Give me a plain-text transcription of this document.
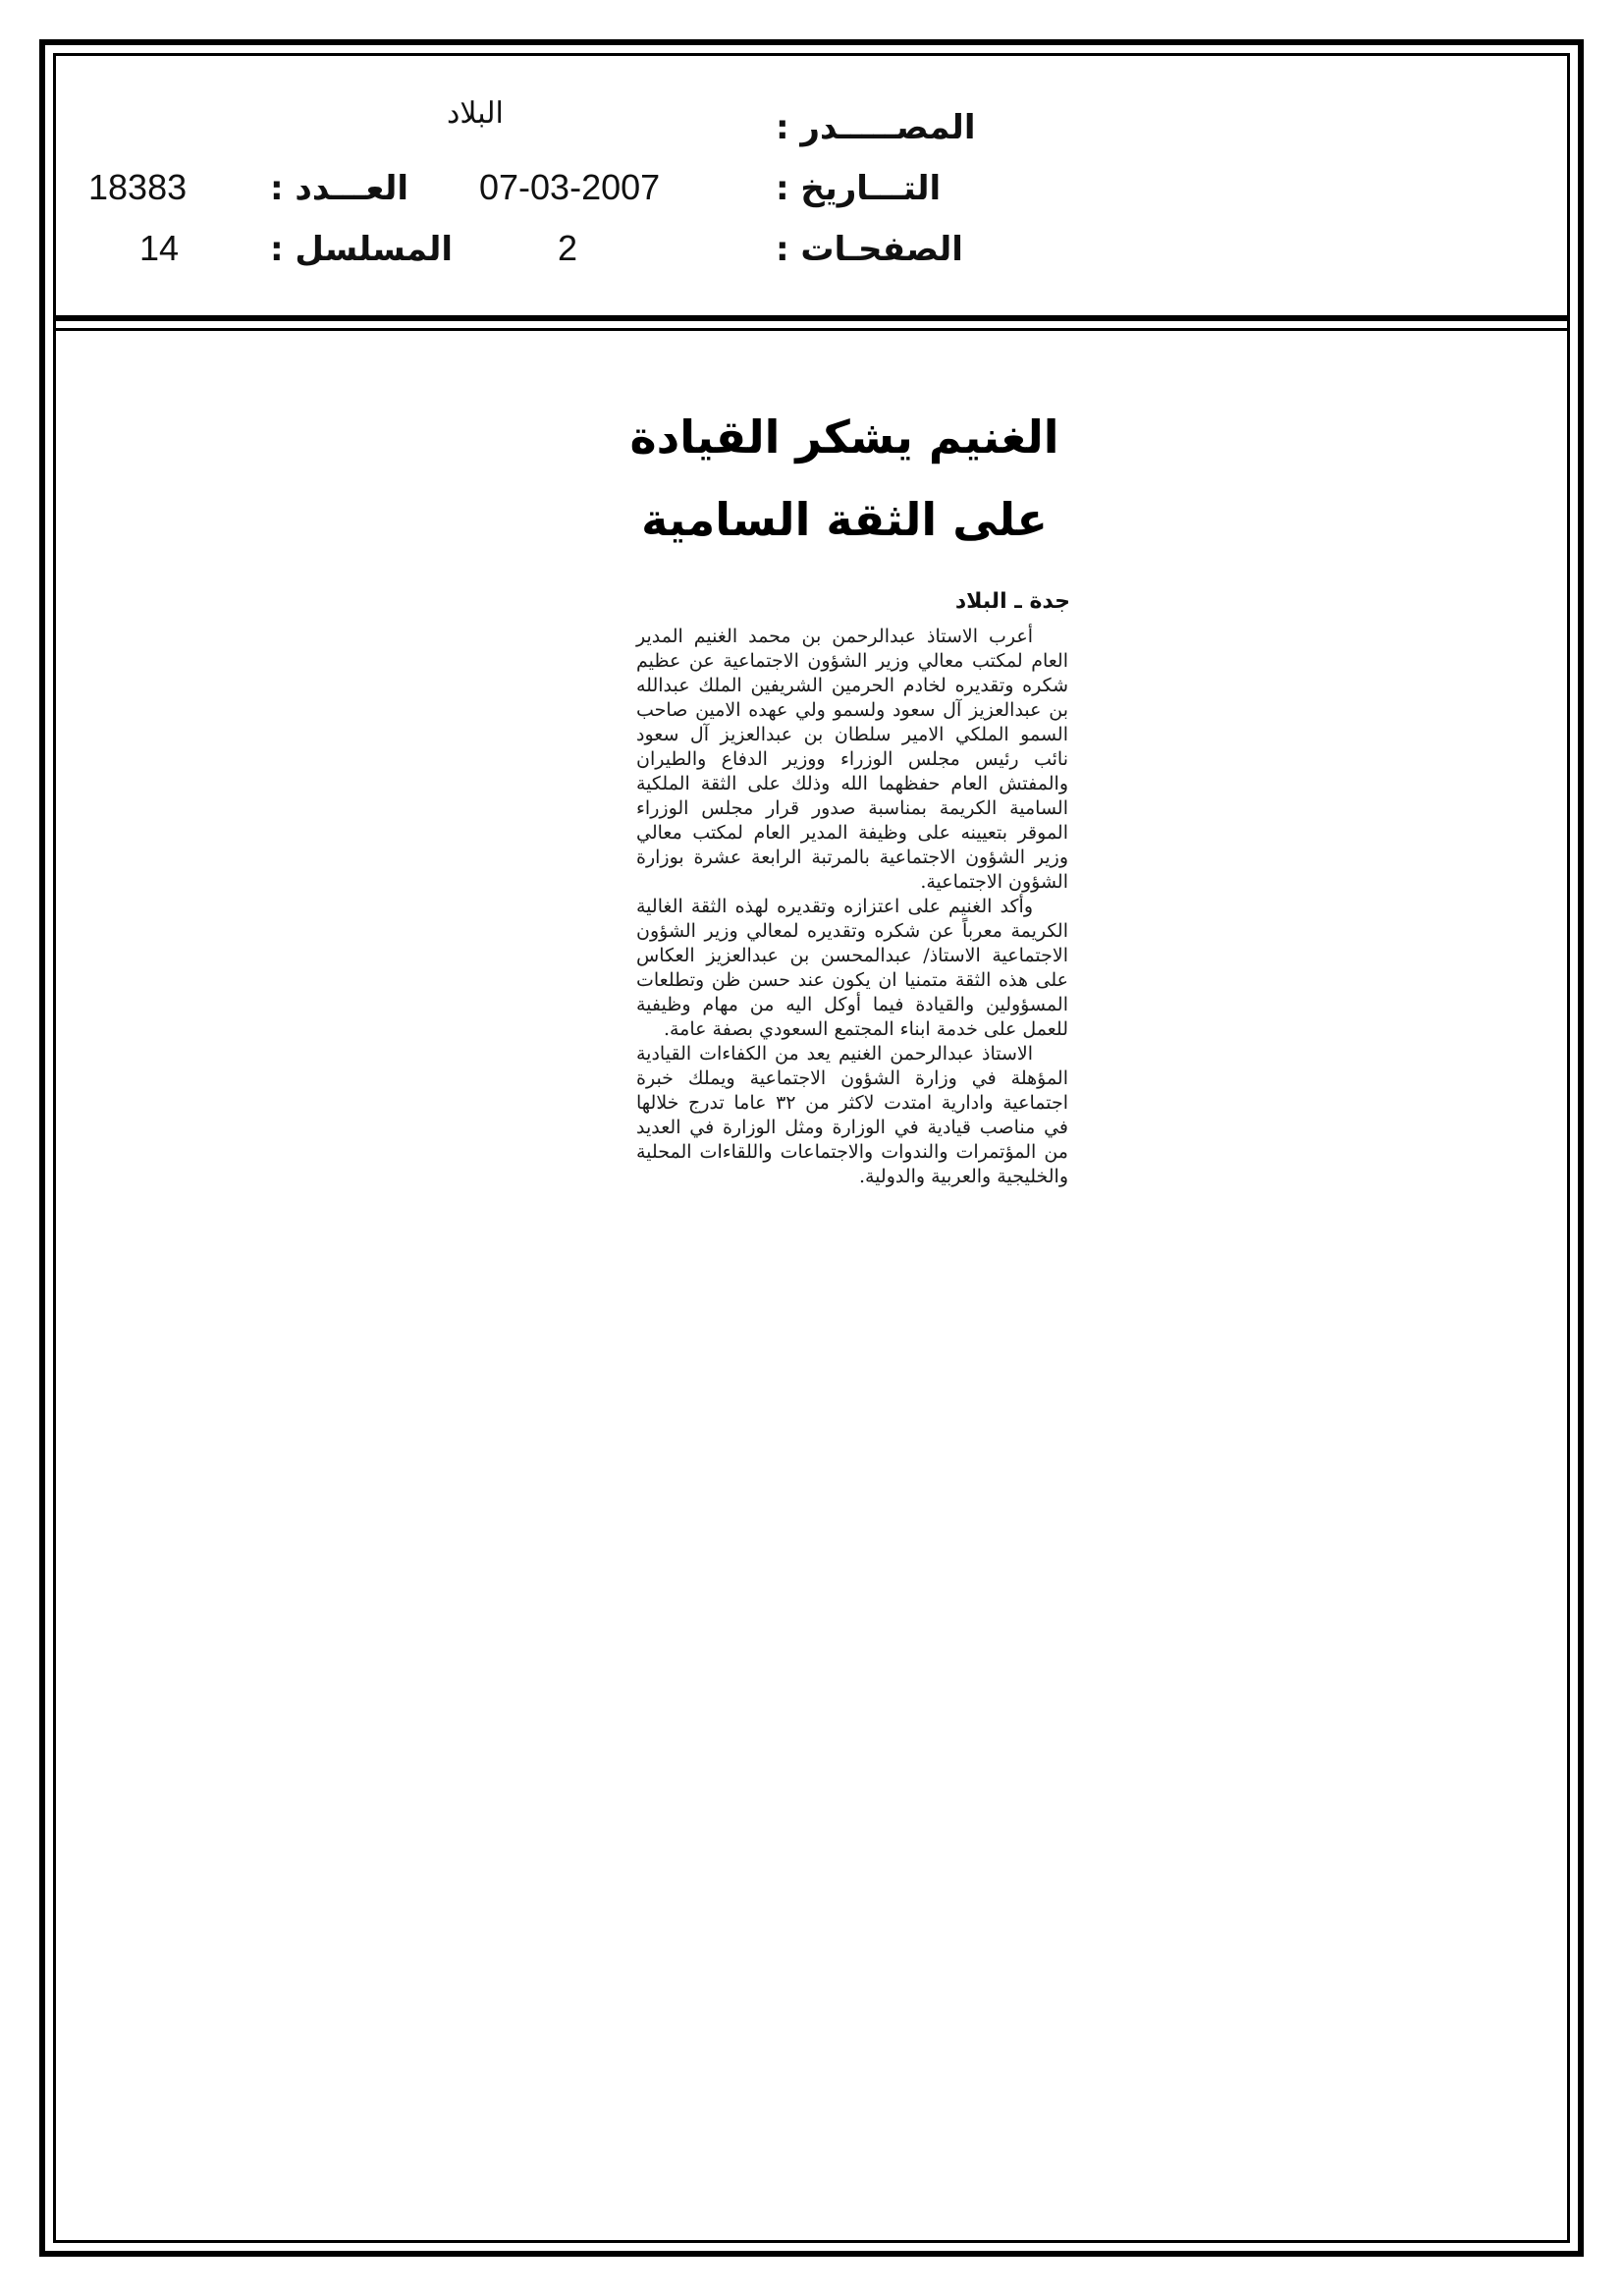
البلاد	المصـــــدر :
18383 العـــدد : 07-03-2007	التـــاريخ :
14	المسلسل :	2	الصفحـات :
الغنيم يشكر القيادة
على الثقة السامية
جدة ـ البلاد

أعرب الاستاذ عبدالرحمن بن محمد الغنيم المدير العام لمكتب معالي وزير الشؤون الاجتماعية عن عظيم شكره وتقديره لخادم الحرمين الشريفين الملك عبدالله بن عبدالعزيز آل سعود ولسمو ولي عهده الامين صاحب السمو الملكي الامير سلطان بن عبدالعزيز آل سعود نائب رئيس مجلس الوزراء ووزير الدفاع والطيران والمفتش العام حفظهما الله وذلك على الثقة الملكية السامية الكريمة بمناسبة صدور قرار مجلس الوزراء الموقر بتعيينه على وظيفة المدير العام لمكتب معالي وزير الشؤون الاجتماعية بالمرتبة الرابعة عشرة بوزارة الشؤون الاجتماعية.

وأكد الغنيم على اعتزازه وتقديره لهذه الثقة الغالية الكريمة معرباً عن شكره وتقديره لمعالي وزير الشؤون الاجتماعية الاستاذ/ عبدالمحسن بن عبدالعزيز العكاس على هذه الثقة متمنيا ان يكون عند حسن ظن وتطلعات المسؤولين والقيادة فيما أوكل اليه من مهام وظيفية للعمل على خدمة ابناء المجتمع السعودي بصفة عامة.

الاستاذ عبدالرحمن الغنيم يعد من الكفاءات القيادية المؤهلة في وزارة الشؤون الاجتماعية ويملك خبرة اجتماعية وادارية امتدت لاكثر من ٣٢ عاما تدرج خلالها في مناصب قيادية في الوزارة ومثل الوزارة في العديد من المؤتمرات والندوات والاجتماعات واللقاءات المحلية والخليجية والعربية والدولية.
